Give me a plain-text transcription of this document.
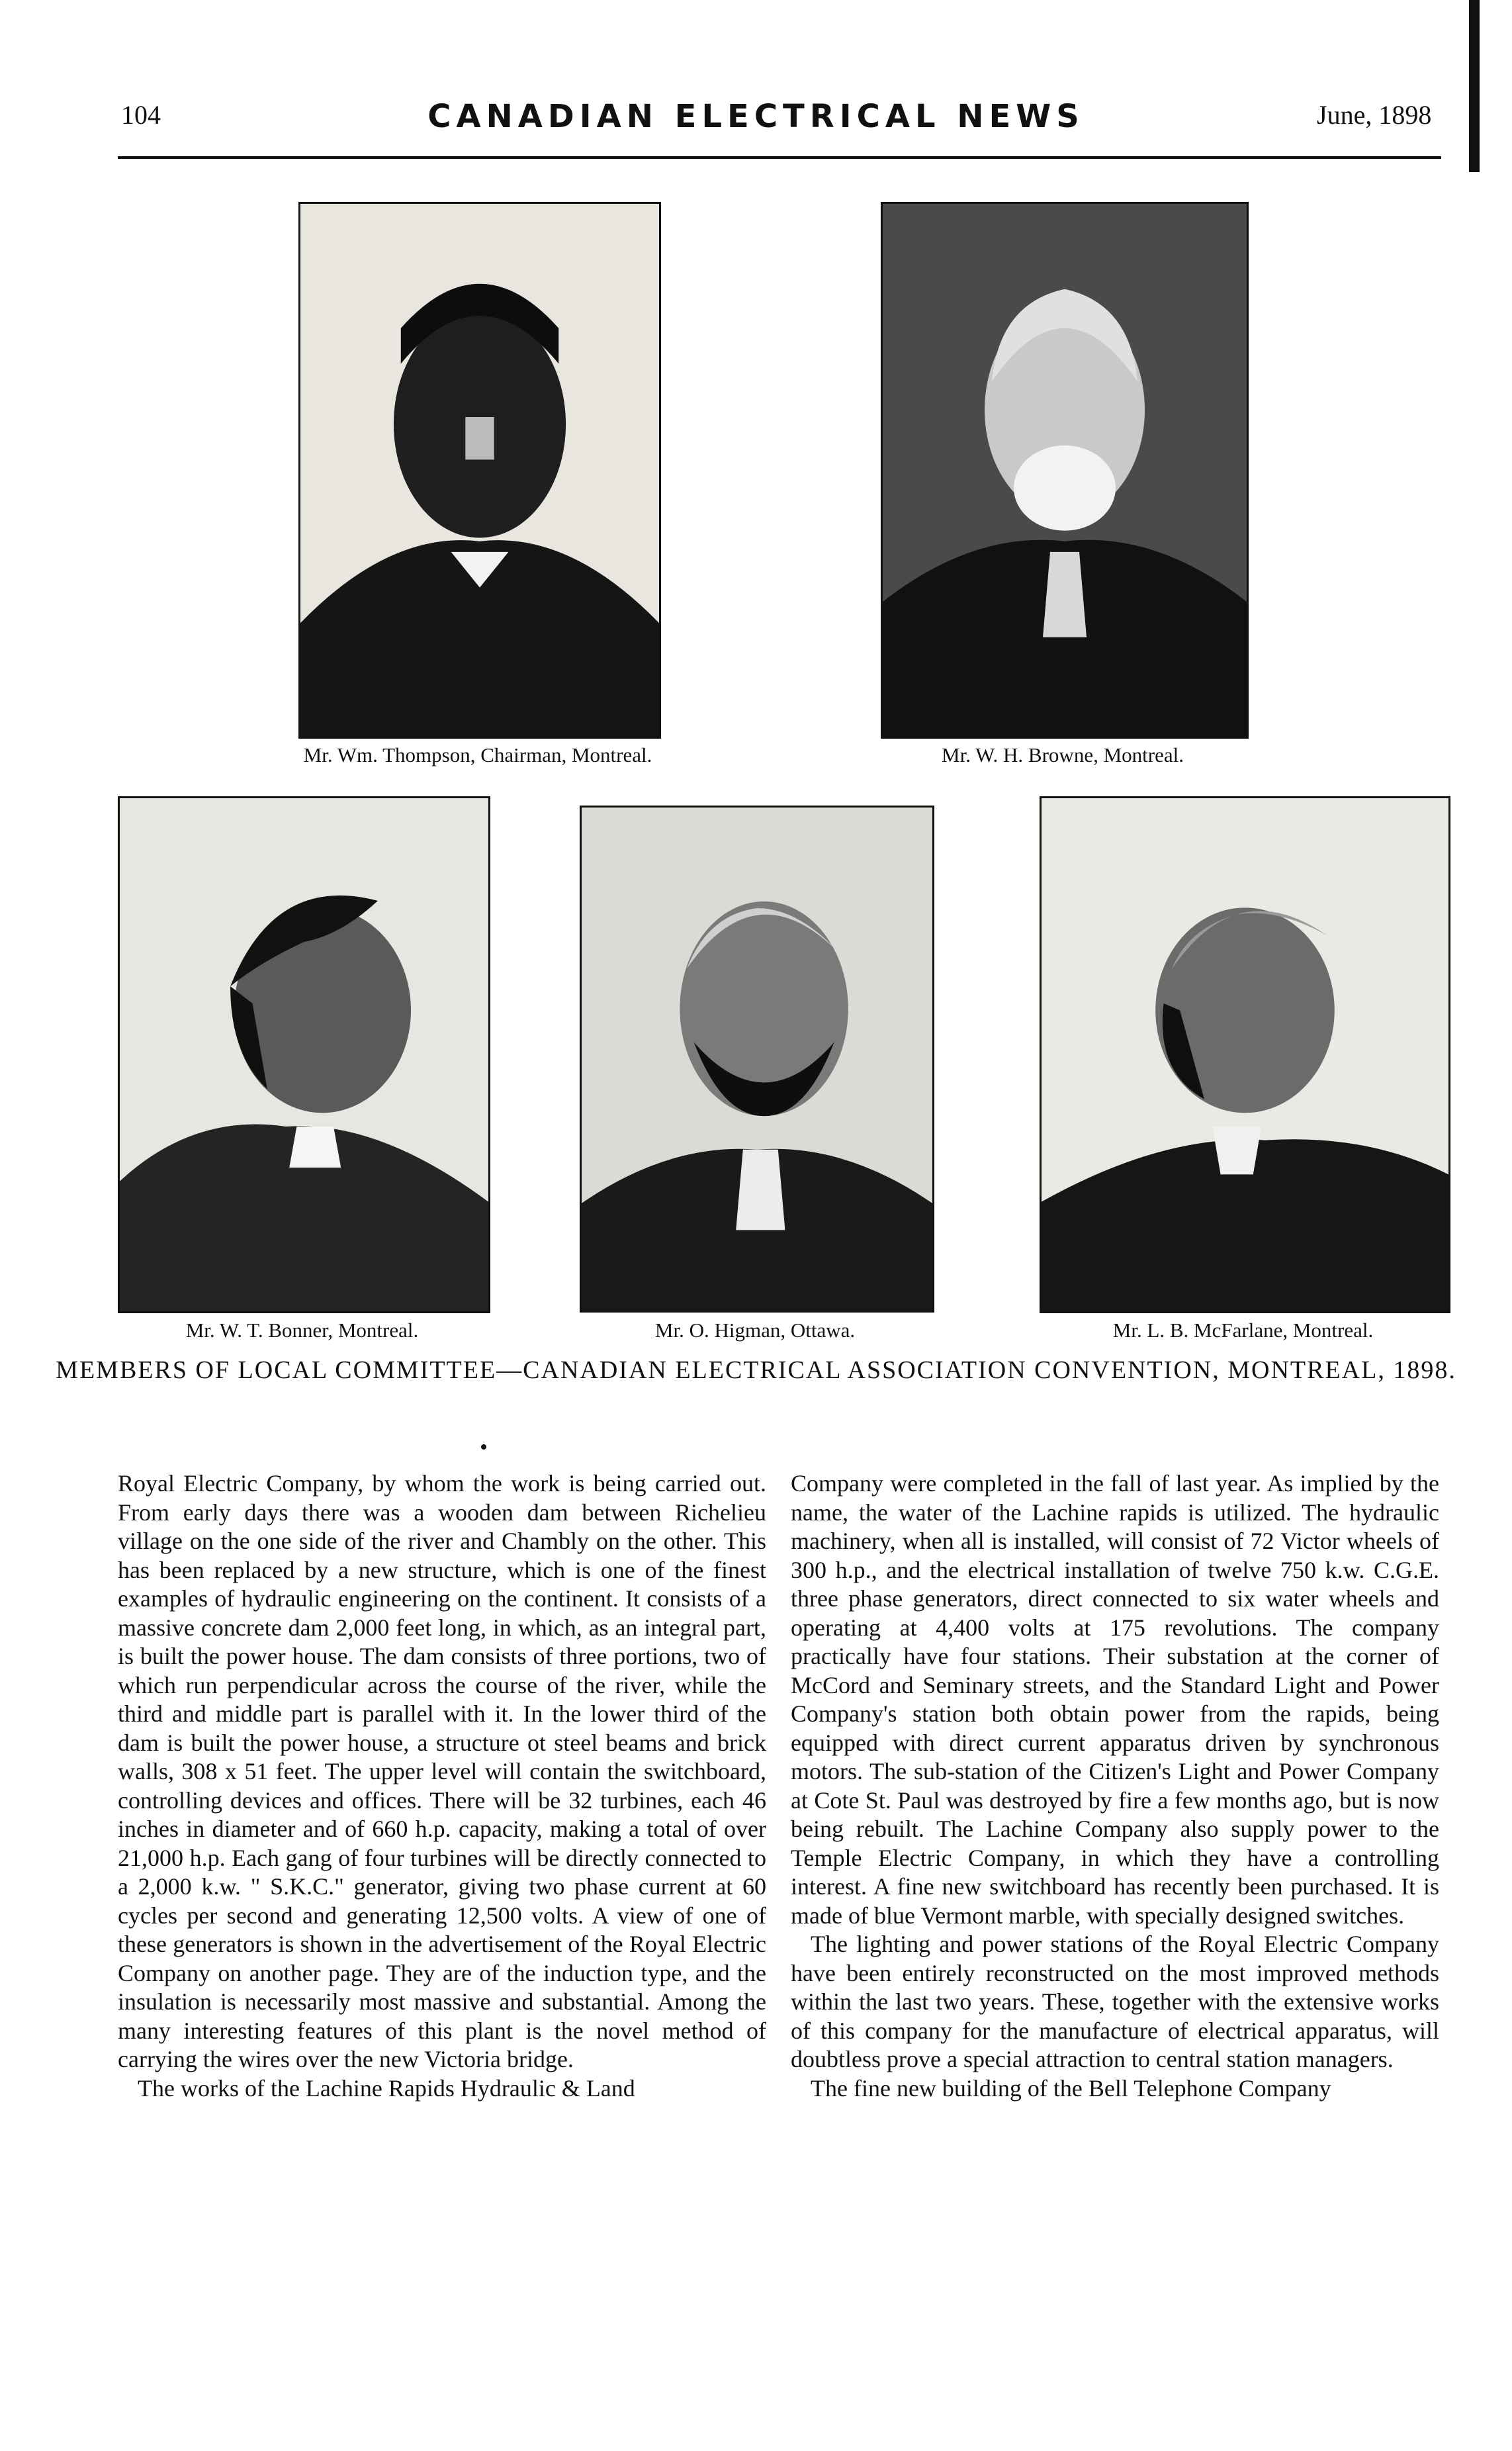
104	CANADIAN ELECTRICAL NEWS	June, 1898
Mr. Wm. Thompson, Chairman, Montreal.	Mr. W. H. Browne, Montreal.
Mr. W. T. Bonner, Montreal.	Mr. O. Higman, Ottawa.	Mr. L. B. McFarlane, Montreal.
MEMBERS OF LOCAL COMMITTEE—CANADIAN ELECTRICAL ASSOCIATION CONVENTION, MONTREAL, 1898.

Royal Electric Company, by whom the work is being carried out. From early days there was a wooden dam between Richelieu village on the one side of the river and Chambly on the other. This has been replaced by a new structure, which is one of the finest examples of hydraulic engineering on the continent. It consists of a massive concrete dam 2,000 feet long, in which, as an integral part, is built the power house. The dam consists of three portions, two of which run perpendicular across the course of the river, while the third and middle part is parallel with it. In the lower third of the dam is built the power house, a structure ot steel beams and brick walls, 308 x 51 feet. The upper level will contain the switchboard, controlling devices and offices. There will be 32 turbines, each 46 inches in diameter and of 660 h.p. capacity, making a total of over 21,000 h.p. Each gang of four turbines will be directly connected to a 2,000 k.w. " S.K.C." generator, giving two phase current at 60 cycles per second and generating 12,500 volts. A view of one of these generators is shown in the advertisement of the Royal Electric Company on another page. They are of the induction type, and the insulation is necessarily most massive and substantial. Among the many interesting features of this plant is the novel method of carrying the wires over the new Victoria bridge.

The works of the Lachine Rapids Hydraulic & Land

Company were completed in the fall of last year. As implied by the name, the water of the Lachine rapids is utilized. The hydraulic machinery, when all is installed, will consist of 72 Victor wheels of 300 h.p., and the electrical installation of twelve 750 k.w. C.G.E. three phase generators, direct connected to six water wheels and operating at 4,400 volts at 175 revolutions. The company practically have four stations. Their substation at the corner of McCord and Seminary streets, and the Standard Light and Power Company's station both obtain power from the rapids, being equipped with direct current apparatus driven by synchronous motors. The sub-station of the Citizen's Light and Power Company at Cote St. Paul was destroyed by fire a few months ago, but is now being rebuilt. The Lachine Company also supply power to the Temple Electric Company, in which they have a controlling interest. A fine new switchboard has recently been purchased. It is made of blue Vermont marble, with specially designed switches.

The lighting and power stations of the Royal Electric Company have been entirely reconstructed on the most improved methods within the last two years. These, together with the extensive works of this company for the manufacture of electrical apparatus, will doubtless prove a special attraction to central station managers.

The fine new building of the Bell Telephone Company
